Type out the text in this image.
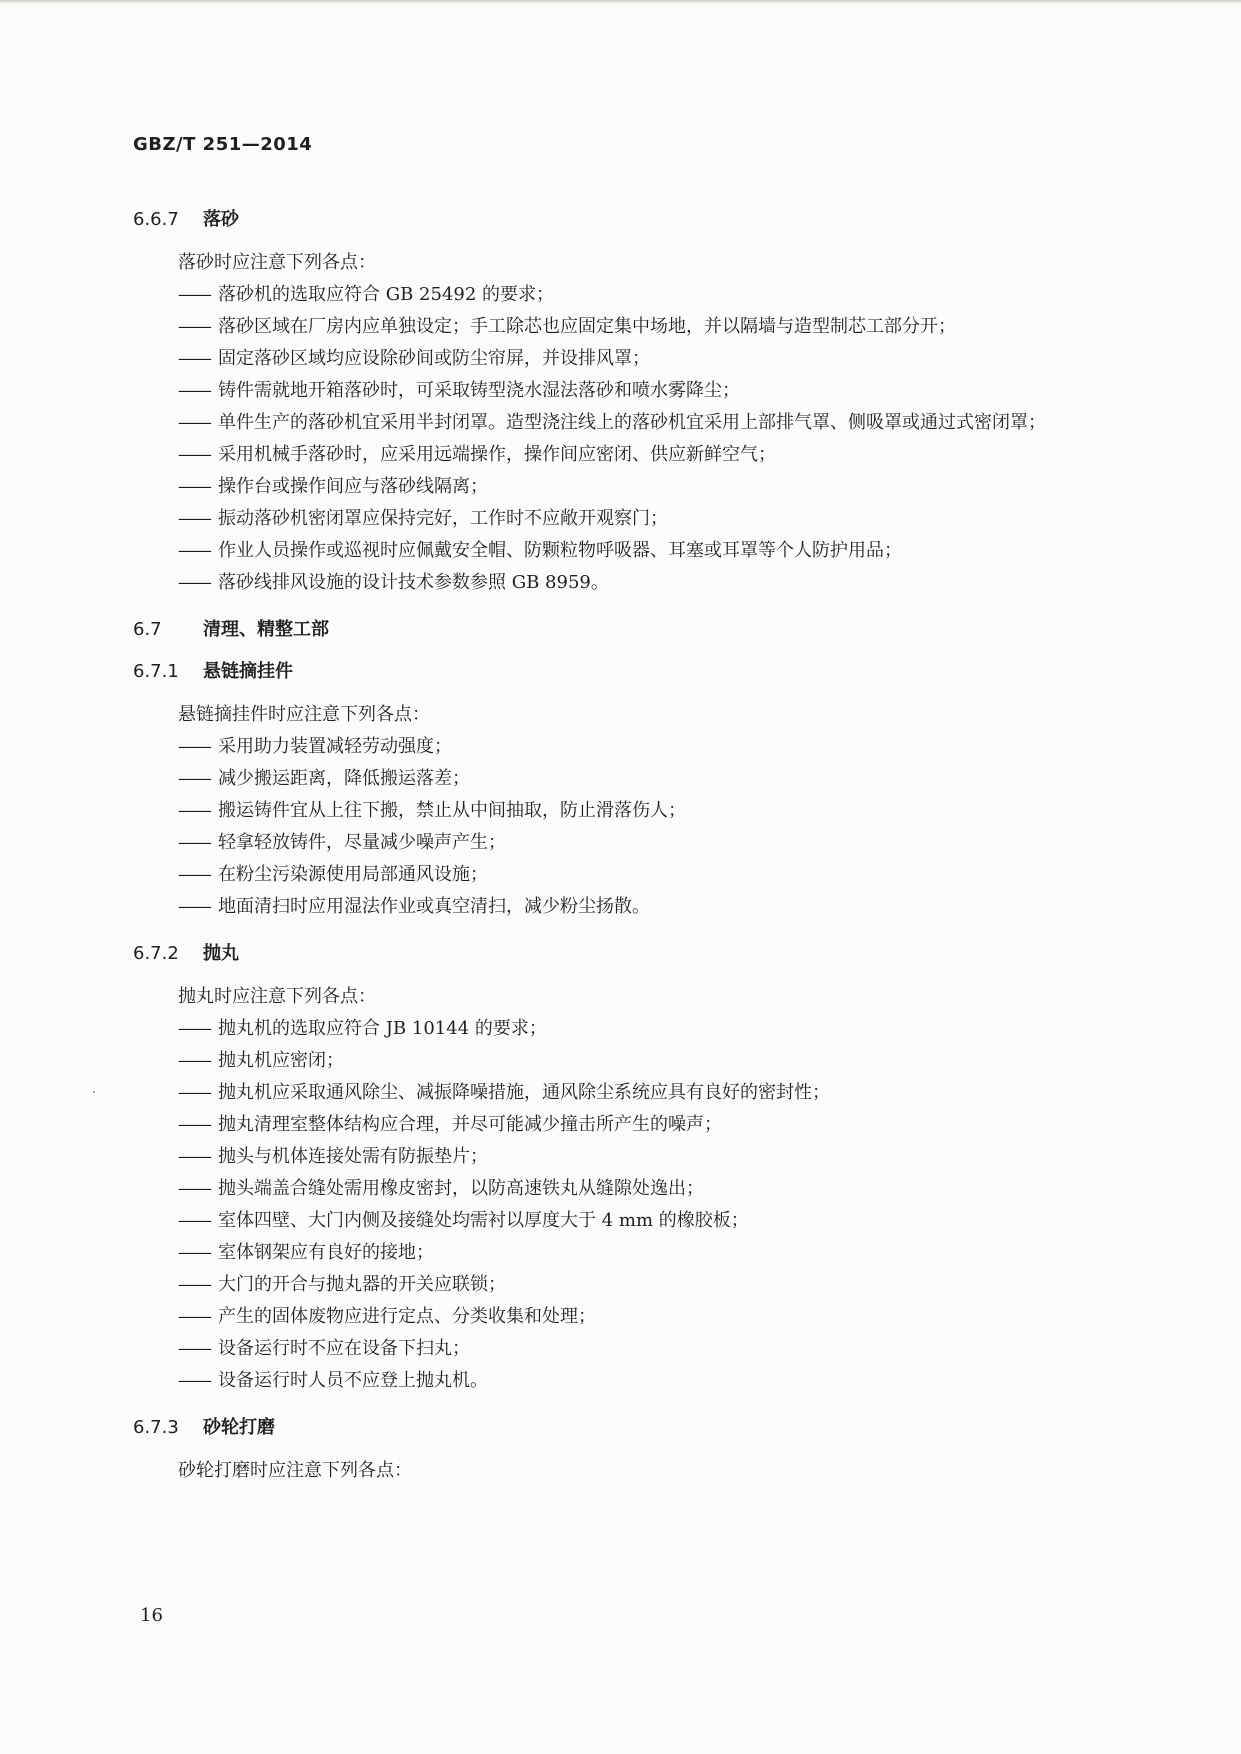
GBZ/T 251—2014
6.6.7 落砂
落砂时应注意下列各点：
—— 落砂机的选取应符合 GB 25492 的要求；
—— 落砂区域在厂房内应单独设定；手工除芯也应固定集中场地，并以隔墙与造型制芯工部分开；
—— 固定落砂区域均应设除砂间或防尘帘屏，并设排风罩；
—— 铸件需就地开箱落砂时，可采取铸型浇水湿法落砂和喷水雾降尘；
—— 单件生产的落砂机宜采用半封闭罩。造型浇注线上的落砂机宜采用上部排气罩、侧吸罩或通过式密闭罩；
—— 采用机械手落砂时，应采用远端操作，操作间应密闭、供应新鲜空气；
—— 操作台或操作间应与落砂线隔离；
—— 振动落砂机密闭罩应保持完好，工作时不应敞开观察门；
—— 作业人员操作或巡视时应佩戴安全帽、防颗粒物呼吸器、耳塞或耳罩等个人防护用品；
—— 落砂线排风设施的设计技术参数参照 GB 8959。
6.7 清理、精整工部
6.7.1 悬链摘挂件
悬链摘挂件时应注意下列各点：
—— 采用助力装置减轻劳动强度；
—— 减少搬运距离，降低搬运落差；
—— 搬运铸件宜从上往下搬，禁止从中间抽取，防止滑落伤人；
—— 轻拿轻放铸件，尽量减少噪声产生；
—— 在粉尘污染源使用局部通风设施；
—— 地面清扫时应用湿法作业或真空清扫，减少粉尘扬散。
6.7.2 抛丸
抛丸时应注意下列各点：
—— 抛丸机的选取应符合 JB 10144 的要求；
—— 抛丸机应密闭；
—— 抛丸机应采取通风除尘、减振降噪措施，通风除尘系统应具有良好的密封性；
—— 抛丸清理室整体结构应合理，并尽可能减少撞击所产生的噪声；
—— 抛头与机体连接处需有防振垫片；
—— 抛头端盖合缝处需用橡皮密封，以防高速铁丸从缝隙处逸出；
—— 室体四壁、大门内侧及接缝处均需衬以厚度大于 4 mm 的橡胶板；
—— 室体钢架应有良好的接地；
—— 大门的开合与抛丸器的开关应联锁；
—— 产生的固体废物应进行定点、分类收集和处理；
—— 设备运行时不应在设备下扫丸；
—— 设备运行时人员不应登上抛丸机。
6.7.3 砂轮打磨
砂轮打磨时应注意下列各点：
16
